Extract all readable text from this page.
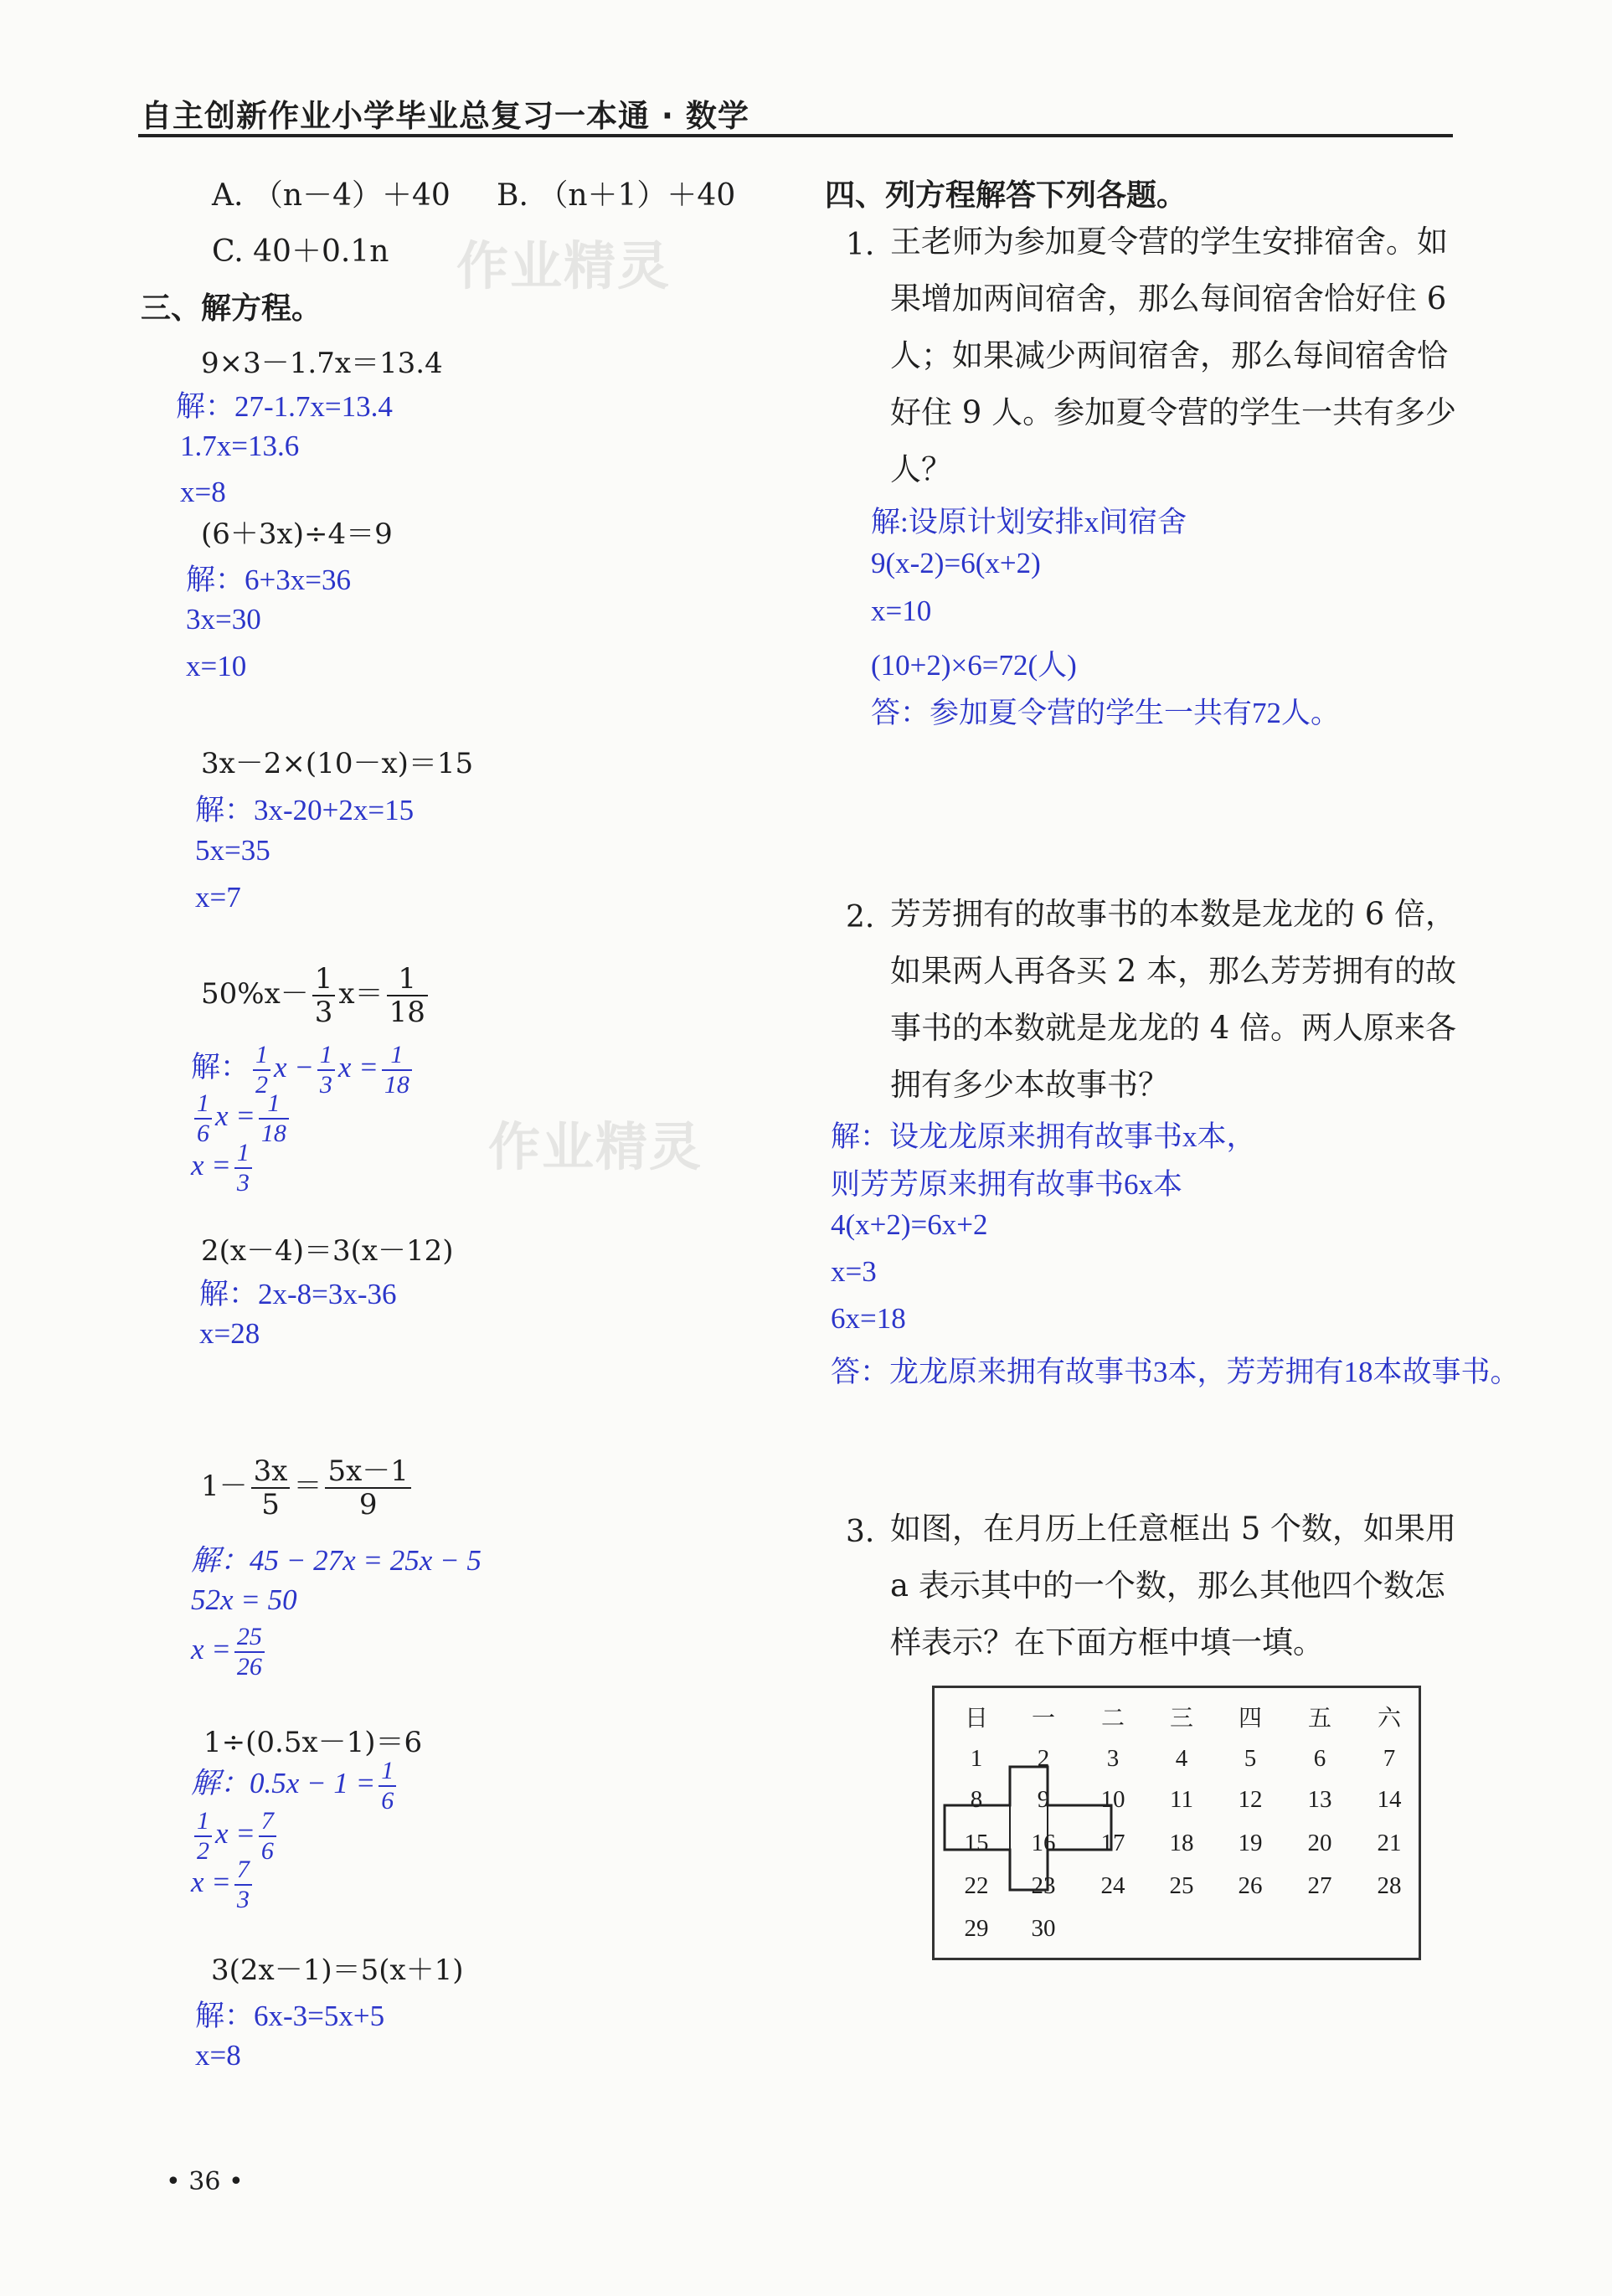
自主创新作业小学毕业总复习一本通 · 数学
作业精灵
作业精灵
A. （n－4）＋40 B. （n＋1）＋40
C. 40＋0.1n
三、解方程。
9×3－1.7x＝13.4
解：27-1.7x=13.4
1.7x=13.6
x=8
(6＋3x)÷4＝9
解：6+3x=36
3x=30
x=10
3x－2×(10－x)＝15
解：3x-20+2x=15
5x=35
x=7
$50\%x- \frac{1}{3} x= \frac{1}{18}$
解： $\frac{1}{2}$ $x - \frac{1}{3}$ $x = \frac{1}{18}$
$\frac{1}{6}$ $x = \frac{1}{18}$
$x = \frac{1}{3}$
2(x－4)＝3(x－12)
解：2x-8=3x-36
x=28
$1- \frac{3x}{5} = \frac{5x-1}{9}$
解：45 − 27x = 25x − 5
52x = 50
$x = \frac{25}{26}$
1÷(0.5x－1)＝6
解：$0.5x - 1 = \frac{1}{6}$
$\frac{1}{2}$ $x = \frac{7}{6}$
$x = \frac{7}{3}$
3(2x－1)＝5(x＋1)
解：6x-3=5x+5
x=8
四、列方程解答下列各题。
1. 王老师为参加夏令营的学生安排宿舍。如果增加两间宿舍，那么每间宿舍恰好住 6 人；如果减少两间宿舍，那么每间宿舍恰好住 9 人。参加夏令营的学生一共有多少人？
解:设原计划安排x间宿舍
9(x-2)=6(x+2)
x=10
(10+2)×6=72(人)
答：参加夏令营的学生一共有72人。
2. 芳芳拥有的故事书的本数是龙龙的 6 倍，如果两人再各买 2 本，那么芳芳拥有的故事书的本数就是龙龙的 4 倍。两人原来各拥有多少本故事书？
解：设龙龙原来拥有故事书x本，
则芳芳原来拥有故事书6x本
4(x+2)=6x+2
x=3
6x=18
答：龙龙原来拥有故事书3本，芳芳拥有18本故事书。
3. 如图，在月历上任意框出 5 个数，如果用 a 表示其中的一个数，那么其他四个数怎样表示？在下面方框中填一填。
日	一	二	三	四	五	六
1	2	3	4	5	6	7
8	9	10	11	12	13	14
15	16	17	18	19	20	21
22	23	24	25	26	27	28
29	30
• 36 •
